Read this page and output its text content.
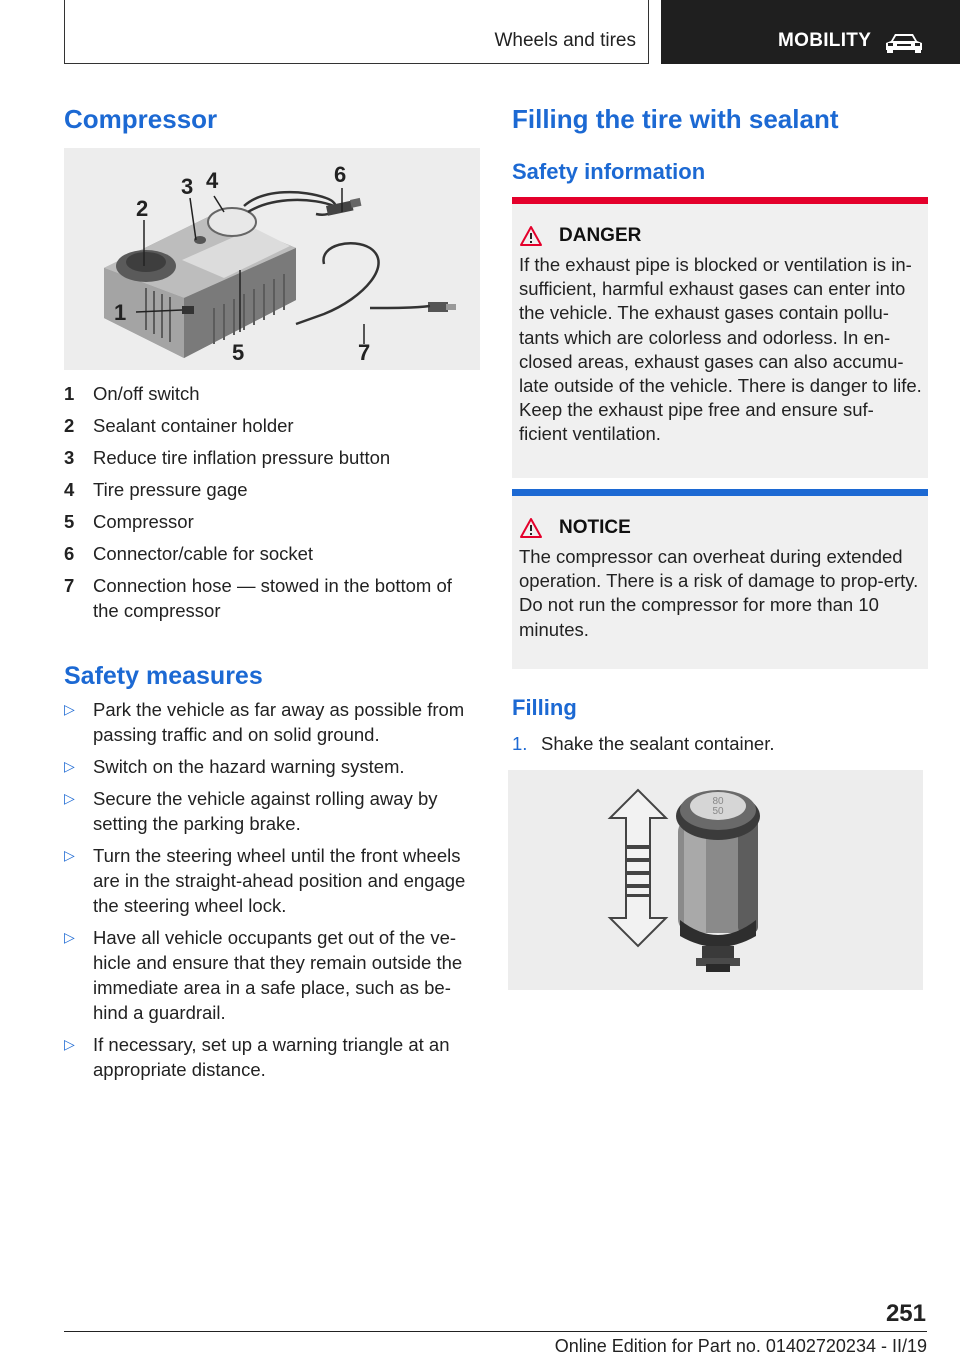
Wheels and tires	MOBILITY
Compressor
1
2
3 4
5
6
7
1	On/off switch
2	Sealant container holder
3	Reduce tire inflation pressure button
4	Tire pressure gage
5	Compressor
6	Connector/cable for socket
7	Connection hose — stowed in the bottom of the compressor
Safety measures
▷ Park the vehicle as far away as possible from passing traffic and on solid ground.
▷ Switch on the hazard warning system.
▷ Secure the vehicle against rolling away by setting the parking brake.
▷ Turn the steering wheel until the front wheels are in the straight-ahead position and engage the steering wheel lock.
▷ Have all vehicle occupants get out of the ve‐hicle and ensure that they remain outside the immediate area in a safe place, such as be‐hind a guardrail.
▷ If necessary, set up a warning triangle at an appropriate distance.
Filling the tire with sealant
Safety information
DANGER
If the exhaust pipe is blocked or ventilation is in‐sufficient, harmful exhaust gases can enter into the vehicle. The exhaust gases contain pollu‐tants which are colorless and odorless. In en‐closed areas, exhaust gases can also accumu‐late outside of the vehicle. There is danger to life. Keep the exhaust pipe free and ensure suf‐ficient ventilation.
NOTICE
The compressor can overheat during extended operation. There is a risk of damage to prop‐erty. Do not run the compressor for more than 10 minutes.
Filling
1. Shake the sealant container.
80
50
251
Online Edition for Part no. 01402720234 - II/19
